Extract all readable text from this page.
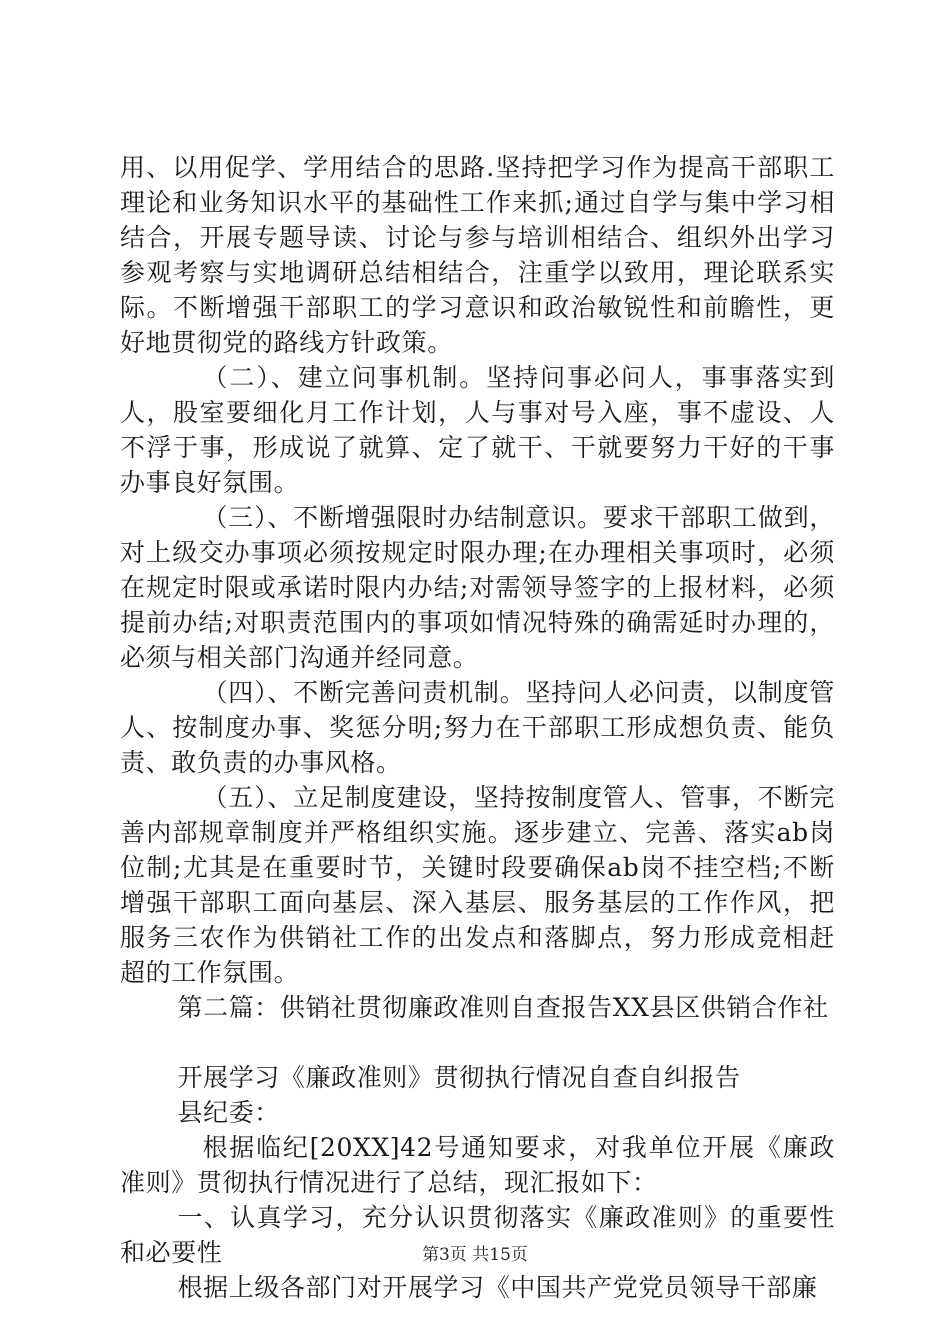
用、以用促学、学用结合的思路.坚持把学习作为提高干部职工理论和业务知识水平的基础性工作来抓;通过自学与集中学习相结合，开展专题导读、讨论与参与培训相结合、组织外出学习参观考察与实地调研总结相结合，注重学以致用，理论联系实际。不断增强干部职工的学习意识和政治敏锐性和前瞻性，更好地贯彻党的路线方针政策。

（二）、建立问事机制。坚持问事必问人，事事落实到人，股室要细化月工作计划，人与事对号入座，事不虚设、人不浮于事，形成说了就算、定了就干、干就要努力干好的干事办事良好氛围。

（三）、不断增强限时办结制意识。要求干部职工做到，对上级交办事项必须按规定时限办理;在办理相关事项时，必须在规定时限或承诺时限内办结;对需领导签字的上报材料，必须提前办结;对职责范围内的事项如情况特殊的确需延时办理的，必须与相关部门沟通并经同意。

（四）、不断完善问责机制。坚持问人必问责，以制度管人、按制度办事、奖惩分明;努力在干部职工形成想负责、能负责、敢负责的办事风格。

（五）、立足制度建设，坚持按制度管人、管事，不断完善内部规章制度并严格组织实施。逐步建立、完善、落实ab岗位制;尤其是在重要时节，关键时段要确保ab岗不挂空档;不断增强干部职工面向基层、深入基层、服务基层的工作作风，把服务三农作为供销社工作的出发点和落脚点，努力形成竞相赶超的工作氛围。

第二篇：供销社贯彻廉政准则自查报告XX县区供销合作社

开展学习《廉政准则》贯彻执行情况自查自纠报告

县纪委：

根据临纪[20XX]42号通知要求，对我单位开展《廉政准则》贯彻执行情况进行了总结，现汇报如下：

一、认真学习，充分认识贯彻落实《廉政准则》的重要性和必要性

根据上级各部门对开展学习《中国共产党党员领导干部廉

第3页 共15页
